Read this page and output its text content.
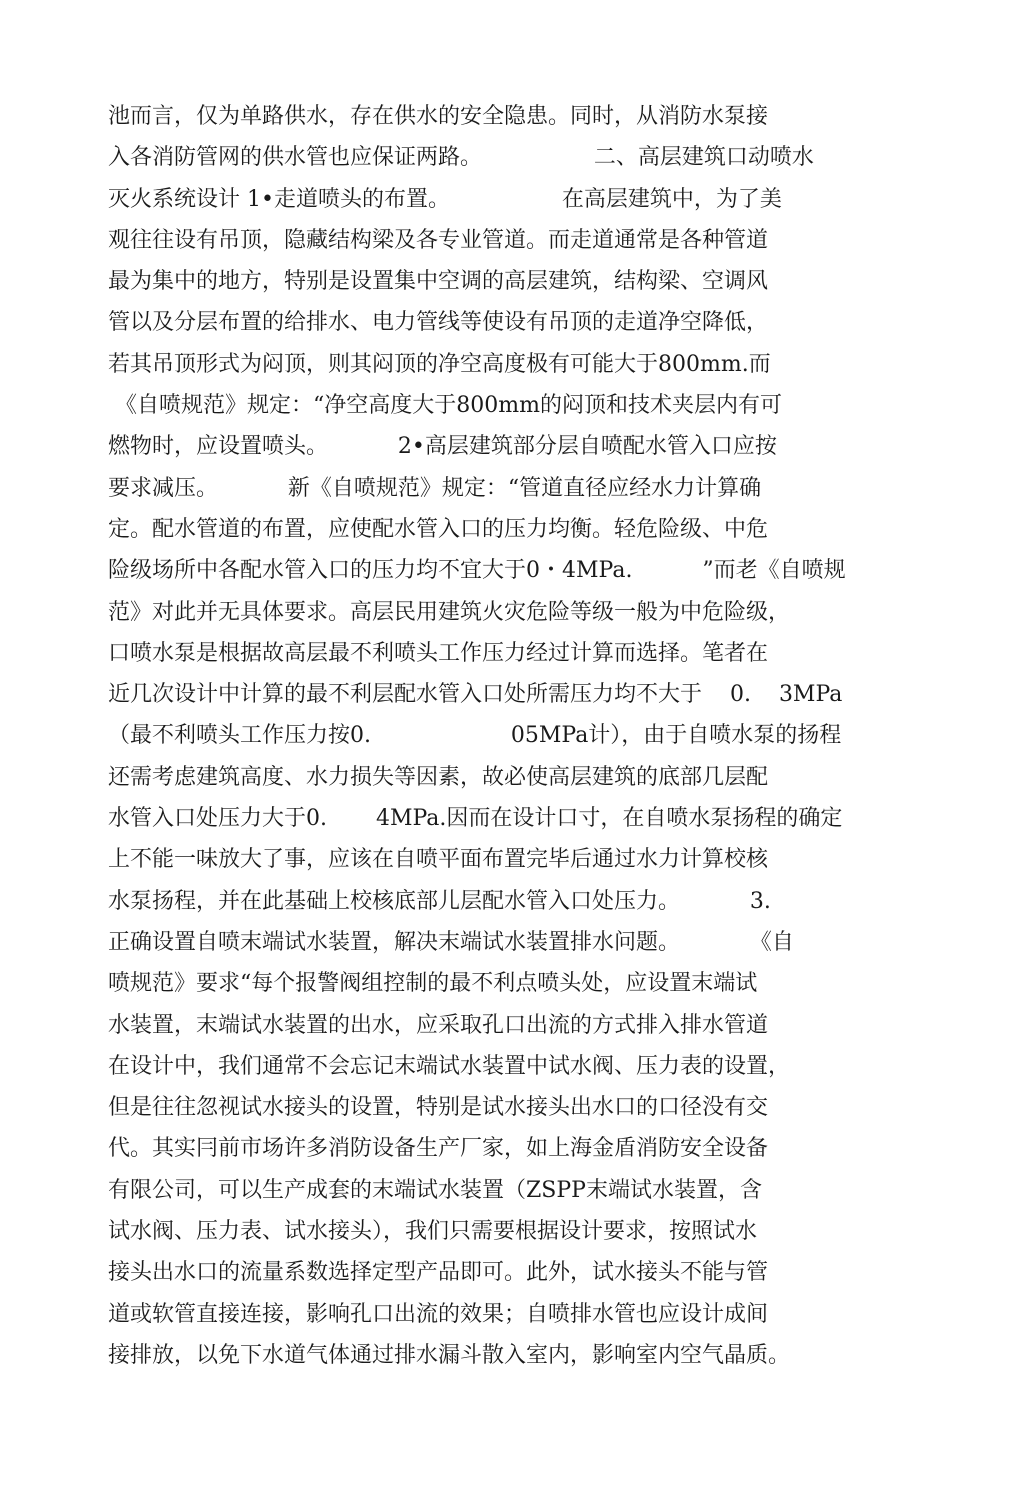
池而言，仅为单路供水，存在供水的安全隐患。同时，从消防水泵接
入各消防管网的供水管也应保证两路。                二、高层建筑口动喷水
灭火系统设计 1•走道喷头的布置。                在高层建筑中，为了美
观往往设有吊顶，隐藏结构梁及各专业管道。而走道通常是各种管道
最为集中的地方，特别是设置集中空调的高层建筑，结构梁、空调风
管以及分层布置的给排水、电力管线等使设有吊顶的走道净空降低，
若其吊顶形式为闷顶，则其闷顶的净空高度极有可能大于800mm.而
《自喷规范》规定：“净空高度大于800mm的闷顶和技术夹层内有可
燃物时，应设置喷头。          2•高层建筑部分层自喷配水管入口应按
要求减压。          新《自喷规范》规定：“管道直径应经水力计算确
定。配水管道的布置，应使配水管入口的压力均衡。轻危险级、中危
险级场所中各配水管入口的压力均不宜大于0・4MPa.          ”而老《自喷规
范》对此并无具体要求。高层民用建筑火灾危险等级一般为中危险级，
口喷水泵是根据故高层最不利喷头工作压力经过计算而选择。笔者在
近几次设计中计算的最不利层配水管入口处所需压力均不大于    0.    3MPa
（最不利喷头工作压力按0.                    05MPa计），由于自喷水泵的扬程
还需考虑建筑高度、水力损失等因素，故必使高层建筑的底部几层配
水管入口处压力大于0.       4MPa.因而在设计口寸，在自喷水泵扬程的确定
上不能一味放大了事，应该在自喷平面布置完毕后通过水力计算校核
水泵扬程，并在此基础上校核底部儿层配水管入口处压力。          3.
正确设置自喷末端试水装置，解决末端试水装置排水问题。          《自
喷规范》要求“每个报警阀组控制的最不利点喷头处，应设置末端试
水装置，末端试水装置的出水，应采取孔口出流的方式排入排水管道
在设计中，我们通常不会忘记末端试水装置中试水阀、压力表的设置，
但是往往忽视试水接头的设置，特别是试水接头出水口的口径没有交
代。其实冃前市场许多消防设备生产厂家，如上海金盾消防安全设备
有限公司，可以生产成套的末端试水装置（ZSPP末端试水装置，含
试水阀、压力表、试水接头），我们只需要根据设计要求，按照试水
接头出水口的流量系数选择定型产品即可。此外，试水接头不能与管
道或软管直接连接，影响孔口出流的效果；自喷排水管也应设计成间
接排放，以免下水道气体通过排水漏斗散入室内，影响室内空气晶质。
